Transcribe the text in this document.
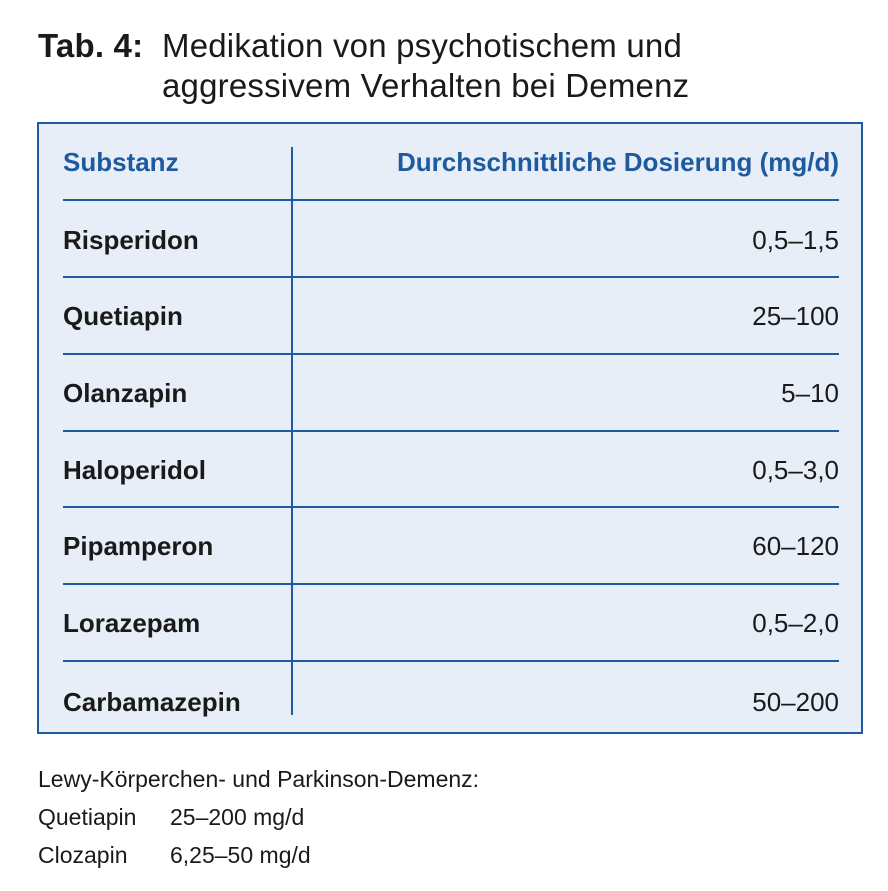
Tab. 4: Medikation von psychotischem und
aggressivem Verhalten bei Demenz
Substanz	Durchschnittliche Dosierung (mg/d)
Risperidon	0,5–1,5
Quetiapin	25–100
Olanzapin	5–10
Haloperidol	0,5–3,0
Pipamperon	60–120
Lorazepam	0,5–2,0
Carbamazepin	50–200
Lewy-Körperchen- und Parkinson-Demenz:
Quetiapin 25–200 mg/d
Clozapin 6,25–50 mg/d
